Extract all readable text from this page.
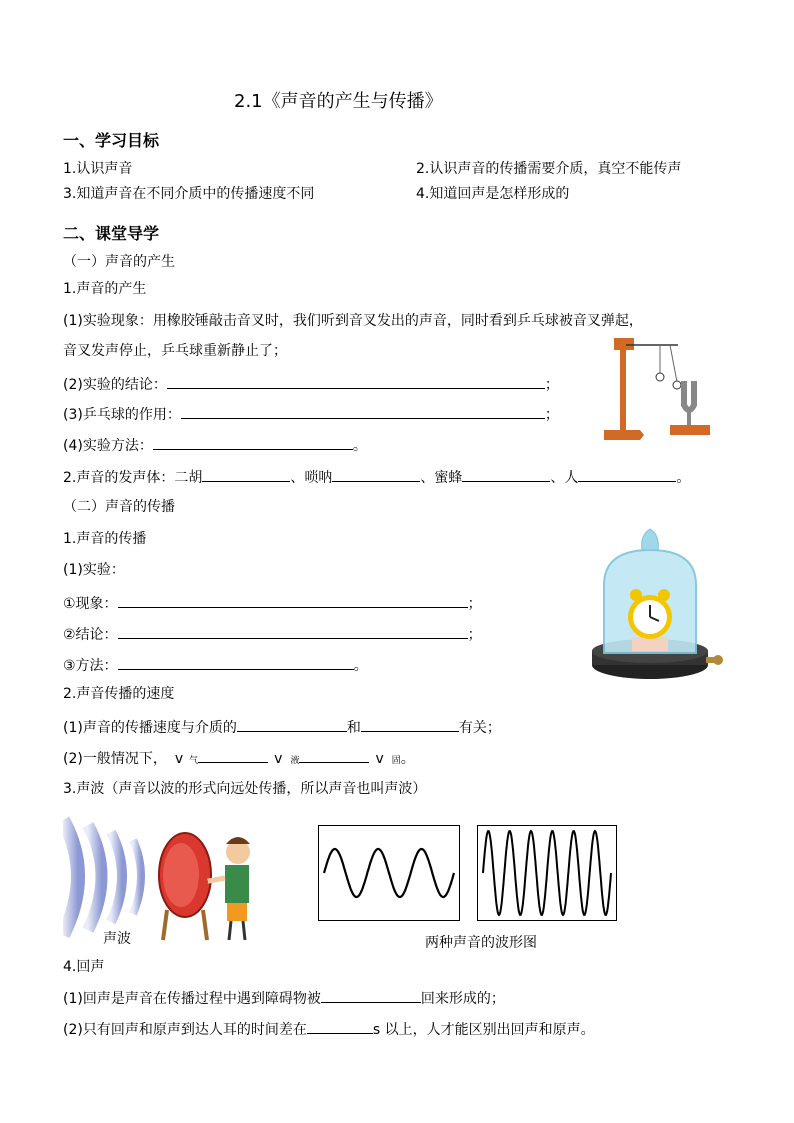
2.1《声音的产生与传播》
一、学习目标
1.认识声音	2.认识声音的传播需要介质，真空不能传声
3.知道声音在不同介质中的传播速度不同	4.知道回声是怎样形成的
二、课堂导学
（一）声音的产生
1.声音的产生
(1)实验现象：用橡胶锤敲击音叉时，我们听到音叉发出的声音，同时看到乒乓球被音叉弹起，
音叉发声停止，乒乓球重新静止了；
(2)实验的结论：	；
(3)乒乓球的作用：	；
(4)实验方法：	。
2.声音的发声体：二胡	、唢呐	、蜜蜂	、人	。
（二）声音的传播
1.声音的传播
(1)实验：
①现象：	；
②结论：	；
③方法：	。
2.声音传播的速度
(1)声音的传播速度与介质的	和	有关；
(2)一般情况下， v 气	v 液	v 固。
3.声波（声音以波的形式向远处传播，所以声音也叫声波）
声波	两种声音的波形图
4.回声
(1)回声是声音在传播过程中遇到障碍物被	回来形成的；
(2)只有回声和原声到达人耳的时间差在	s 以上，人才能区别出回声和原声。
